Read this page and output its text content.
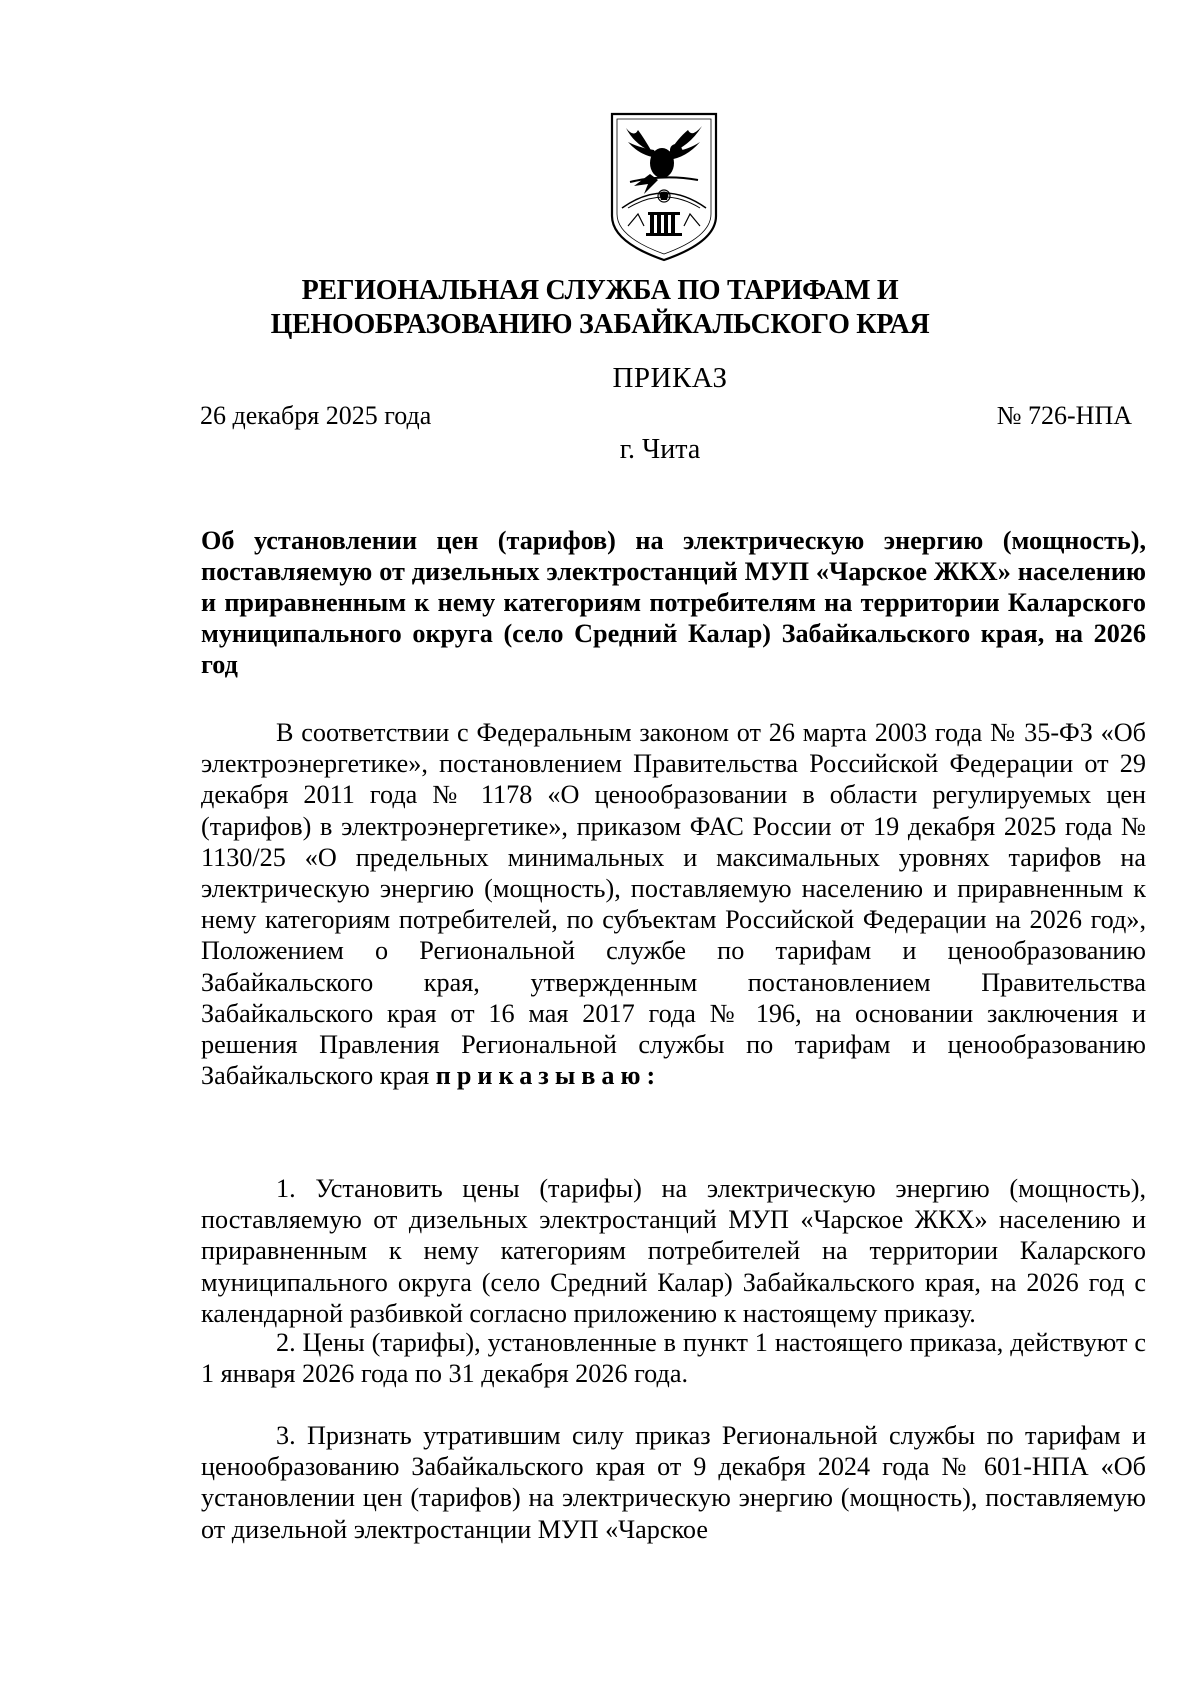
РЕГИОНАЛЬНАЯ СЛУЖБА ПО ТАРИФАМ И

ЦЕНООБРАЗОВАНИЮ ЗАБАЙКАЛЬСКОГО КРАЯ

ПРИКАЗ

26 декабря 2025 года	№ 726-НПА
г. Чита

Об установлении цен (тарифов) на электрическую энергию (мощность), поставляемую от дизельных электростанций МУП «Чарское ЖКХ» населению и приравненным к нему категориям потребителям на территории Каларского муниципального округа (село Средний Калар) Забайкальского края, на 2026 год

В соответствии с Федеральным законом от 26 марта 2003 года № 35-ФЗ «Об электроэнергетике», постановлением Правительства Российской Федерации от 29 декабря 2011 года № 1178 «О ценообразовании в области регулируемых цен (тарифов) в электроэнергетике», приказом ФАС России от 19 декабря 2025 года № 1130/25 «О предельных минимальных и максимальных уровнях тарифов на электрическую энергию (мощность), поставляемую населению и приравненным к нему категориям потребителей, по субъектам Российской Федерации на 2026 год», Положением о Региональной службе по тарифам и ценообразованию Забайкальского края, утвержденным постановлением Правительства Забайкальского края от 16 мая 2017 года № 196, на основании заключения и решения Правления Региональной службы по тарифам и ценообразованию Забайкальского края приказываю:

1. Установить цены (тарифы) на электрическую энергию (мощность), поставляемую от дизельных электростанций МУП «Чарское ЖКХ» населению и приравненным к нему категориям потребителей на территории Каларского муниципального округа (село Средний Калар) Забайкальского края, на 2026 год с календарной разбивкой согласно приложению к настоящему приказу.

2. Цены (тарифы), установленные в пункт 1 настоящего приказа, действуют с 1 января 2026 года по 31 декабря 2026 года.

3. Признать утратившим силу приказ Региональной службы по тарифам и ценообразованию Забайкальского края от 9 декабря 2024 года № 601-НПА «Об установлении цен (тарифов) на электрическую энергию (мощность), поставляемую от дизельной электростанции МУП «Чарское
